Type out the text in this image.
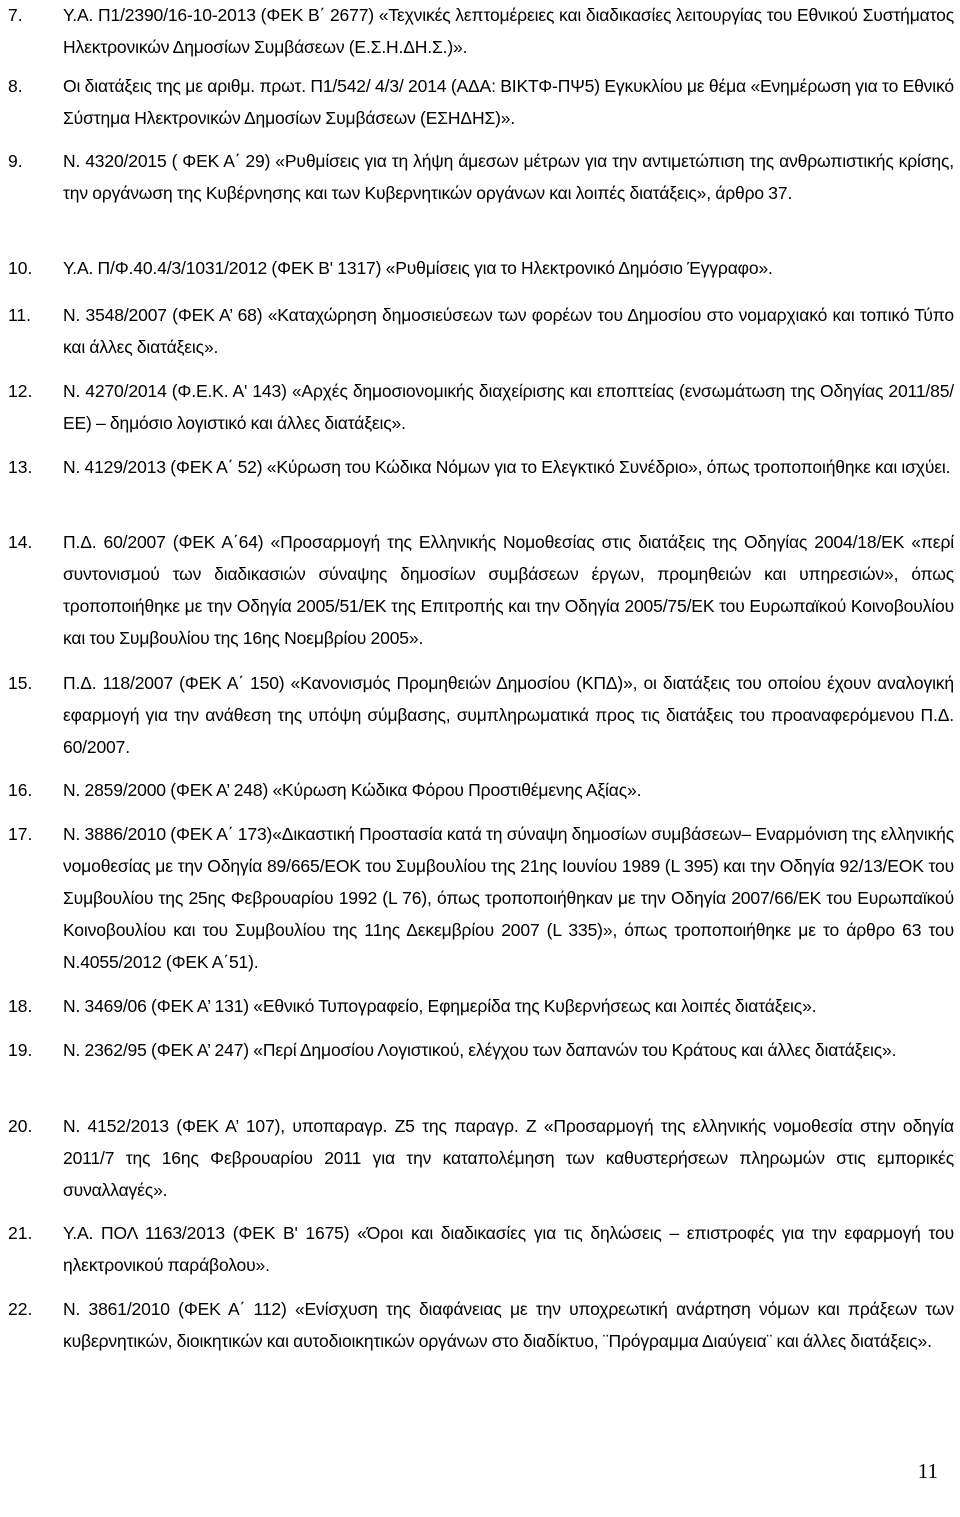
7.	Υ.Α. Π1/2390/16-10-2013 (ΦΕΚ Β΄ 2677) «Τεχνικές λεπτομέρειες και διαδικασίες λειτουργίας του Εθνικού Συστήματος Ηλεκτρονικών Δημοσίων Συμβάσεων (Ε.Σ.Η.ΔΗ.Σ.)».
8.	Οι διατάξεις της με αριθμ. πρωτ. Π1/542/ 4/3/ 2014 (ΑΔΑ: ΒΙΚΤΦ-ΠΨ5) Εγκυκλίου με θέμα «Ενημέρωση για το Εθνικό Σύστημα Ηλεκτρονικών Δημοσίων Συμβάσεων (ΕΣΗΔΗΣ)».
9.	Ν. 4320/2015 ( ΦΕΚ Α΄ 29) «Ρυθμίσεις για τη λήψη άμεσων μέτρων για την αντιμετώπιση της ανθρωπιστικής κρίσης, την οργάνωση της Κυβέρνησης και των Κυβερνητικών οργάνων και λοιπές διατάξεις», άρθρο 37.
10.	Υ.Α. Π/Φ.40.4/3/1031/2012 (ΦΕΚ Β' 1317) «Ρυθμίσεις για το Ηλεκτρονικό Δημόσιο Έγγραφο».
11.	Ν. 3548/2007 (ΦΕΚ Α’ 68) «Καταχώρηση δημοσιεύσεων των φορέων του Δημοσίου στο νομαρχιακό και τοπικό Τύπο και άλλες διατάξεις».
12.	Ν. 4270/2014 (Φ.Ε.Κ. Α' 143) «Αρχές δημοσιονομικής διαχείρισης και εποπτείας (ενσωμάτωση της Οδηγίας 2011/85/ΕΕ) – δημόσιο λογιστικό και άλλες διατάξεις».
13.	Ν. 4129/2013 (ΦΕΚ Α΄ 52) «Κύρωση του Κώδικα Νόμων για το Ελεγκτικό Συνέδριο», όπως τροποποιήθηκε και ισχύει.
14.	Π.Δ. 60/2007 (ΦΕΚ Α΄64) «Προσαρμογή της Ελληνικής Νομοθεσίας στις διατάξεις της Οδηγίας 2004/18/ΕΚ «περί συντονισμού των διαδικασιών σύναψης δημοσίων συμβάσεων έργων, προμηθειών και υπηρεσιών», όπως τροποποιήθηκε με την Οδηγία 2005/51/ΕΚ της Επιτροπής και την Οδηγία 2005/75/ΕΚ του Ευρωπαϊκού Κοινοβουλίου και του Συμβουλίου της 16ης Νοεμβρίου 2005».
15.	Π.Δ. 118/2007 (ΦΕΚ Α΄ 150) «Κανονισμός Προμηθειών Δημοσίου (ΚΠΔ)», οι διατάξεις του οποίου έχουν αναλογική εφαρμογή για την ανάθεση της υπόψη σύμβασης, συμπληρωματικά προς τις διατάξεις του προαναφερόμενου Π.Δ. 60/2007.
16.	Ν. 2859/2000 (ΦΕΚ Α’ 248) «Κύρωση Κώδικα Φόρου Προστιθέμενης Αξίας».
17.	Ν. 3886/2010 (ΦΕΚ Α΄ 173)«Δικαστική Προστασία κατά τη σύναψη δημοσίων συμβάσεων– Εναρμόνιση της ελληνικής νομοθεσίας με την Οδηγία 89/665/ΕΟΚ του Συμβουλίου της 21ης Ιουνίου 1989 (L 395) και την Οδηγία 92/13/ΕΟΚ του Συμβουλίου της 25ης Φεβρουαρίου 1992 (L 76), όπως τροποποιήθηκαν με την Οδηγία 2007/66/ΕΚ του Ευρωπαϊκού Κοινοβουλίου και του Συμβουλίου της 11ης Δεκεμβρίου 2007 (L 335)», όπως τροποποιήθηκε με το άρθρο 63 του Ν.4055/2012 (ΦΕΚ Α΄51).
18.	Ν. 3469/06 (ΦΕΚ Α’ 131) «Εθνικό Τυπογραφείο, Εφημερίδα της Κυβερνήσεως και λοιπές διατάξεις».
19.	Ν. 2362/95 (ΦΕΚ Α’ 247) «Περί Δημοσίου Λογιστικού, ελέγχου των δαπανών του Κράτους και άλλες διατάξεις».
20.	Ν. 4152/2013 (ΦΕΚ Α’ 107), υποπαραγρ. Ζ5 της παραγρ. Ζ «Προσαρμογή της ελληνικής νομοθεσία στην οδηγία 2011/7 της 16ης Φεβρουαρίου 2011 για την καταπολέμηση των καθυστερήσεων πληρωμών στις εμπορικές συναλλαγές».
21.	Υ.Α. ΠΟΛ 1163/2013 (ΦΕΚ Β' 1675) «Όροι και διαδικασίες για τις δηλώσεις – επιστροφές για την εφαρμογή του ηλεκτρονικού παράβολου».
22.	Ν. 3861/2010 (ΦΕΚ Α΄ 112) «Ενίσχυση της διαφάνειας με την υποχρεωτική ανάρτηση νόμων και πράξεων των κυβερνητικών, διοικητικών και αυτοδιοικητικών οργάνων στο διαδίκτυο, ¨Πρόγραμμα Διαύγεια¨ και άλλες διατάξεις».
11
